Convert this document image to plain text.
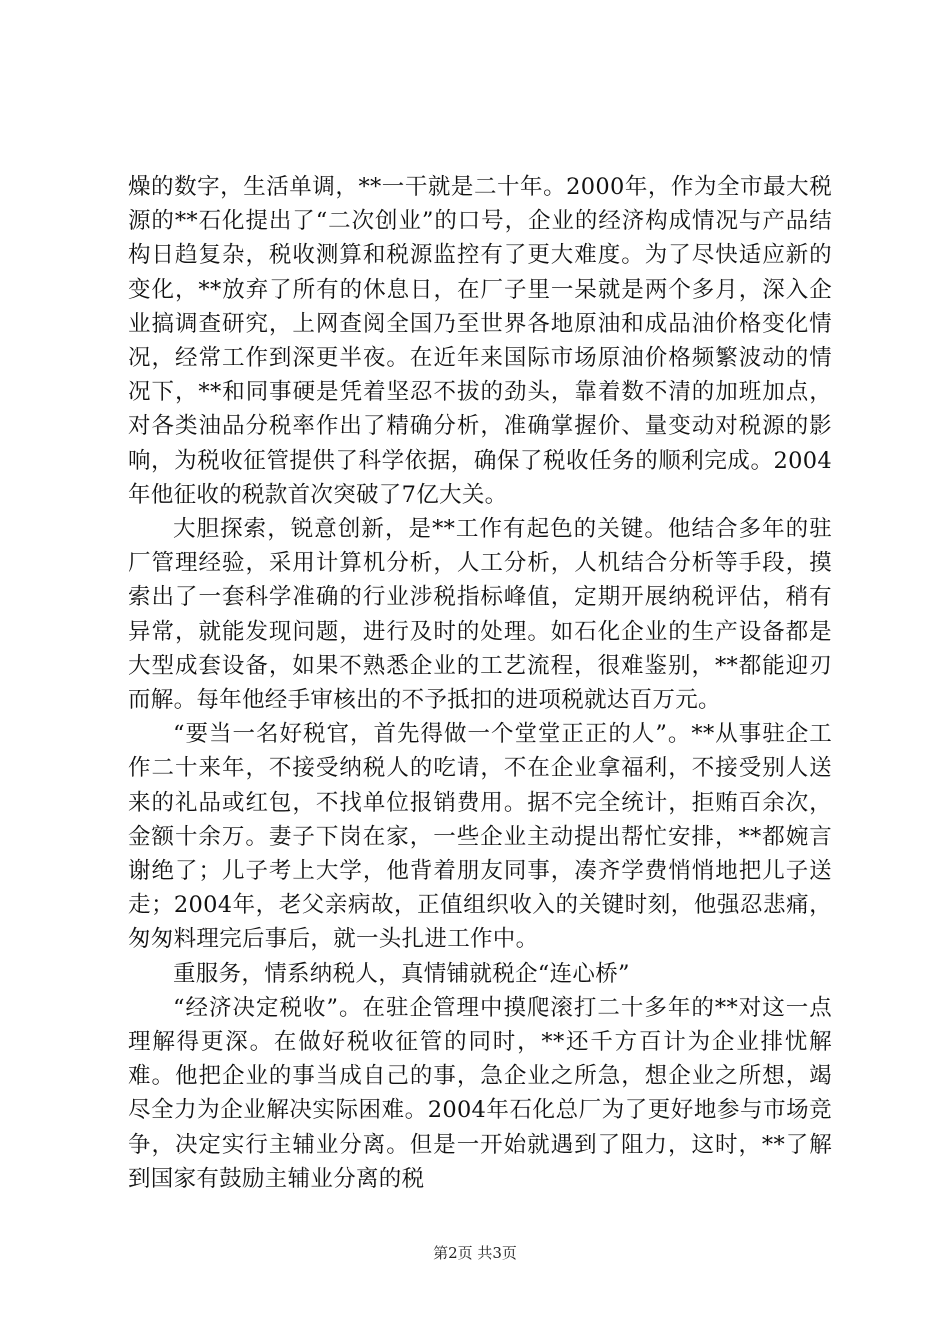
燥的数字，生活单调，**一干就是二十年。2000年，作为全市最大税源的**石化提出了“二次创业”的口号，企业的经济构成情况与产品结构日趋复杂，税收测算和税源监控有了更大难度。为了尽快适应新的变化，**放弃了所有的休息日，在厂子里一呆就是两个多月，深入企业搞调查研究，上网查阅全国乃至世界各地原油和成品油价格变化情况，经常工作到深更半夜。在近年来国际市场原油价格频繁波动的情况下，**和同事硬是凭着坚忍不拔的劲头，靠着数不清的加班加点，对各类油品分税率作出了精确分析，准确掌握价、量变动对税源的影响，为税收征管提供了科学依据，确保了税收任务的顺利完成。2004年他征收的税款首次突破了7亿大关。

大胆探索，锐意创新，是**工作有起色的关键。他结合多年的驻厂管理经验，采用计算机分析，人工分析，人机结合分析等手段，摸索出了一套科学准确的行业涉税指标峰值，定期开展纳税评估，稍有异常，就能发现问题，进行及时的处理。如石化企业的生产设备都是大型成套设备，如果不熟悉企业的工艺流程，很难鉴别，**都能迎刃而解。每年他经手审核出的不予抵扣的进项税就达百万元。

“要当一名好税官，首先得做一个堂堂正正的人”。**从事驻企工作二十来年，不接受纳税人的吃请，不在企业拿福利，不接受别人送来的礼品或红包，不找单位报销费用。据不完全统计，拒贿百余次，金额十余万。妻子下岗在家，一些企业主动提出帮忙安排，**都婉言谢绝了；儿子考上大学，他背着朋友同事，凑齐学费悄悄地把儿子送走；2004年，老父亲病故，正值组织收入的关键时刻，他强忍悲痛，匆匆料理完后事后，就一头扎进工作中。

重服务，情系纳税人，真情铺就税企“连心桥”

“经济决定税收”。在驻企管理中摸爬滚打二十多年的**对这一点理解得更深。在做好税收征管的同时，**还千方百计为企业排忧解难。他把企业的事当成自己的事，急企业之所急，想企业之所想，竭尽全力为企业解决实际困难。2004年石化总厂为了更好地参与市场竞争，决定实行主辅业分离。但是一开始就遇到了阻力，这时，**了解到国家有鼓励主辅业分离的税

第2页 共3页
